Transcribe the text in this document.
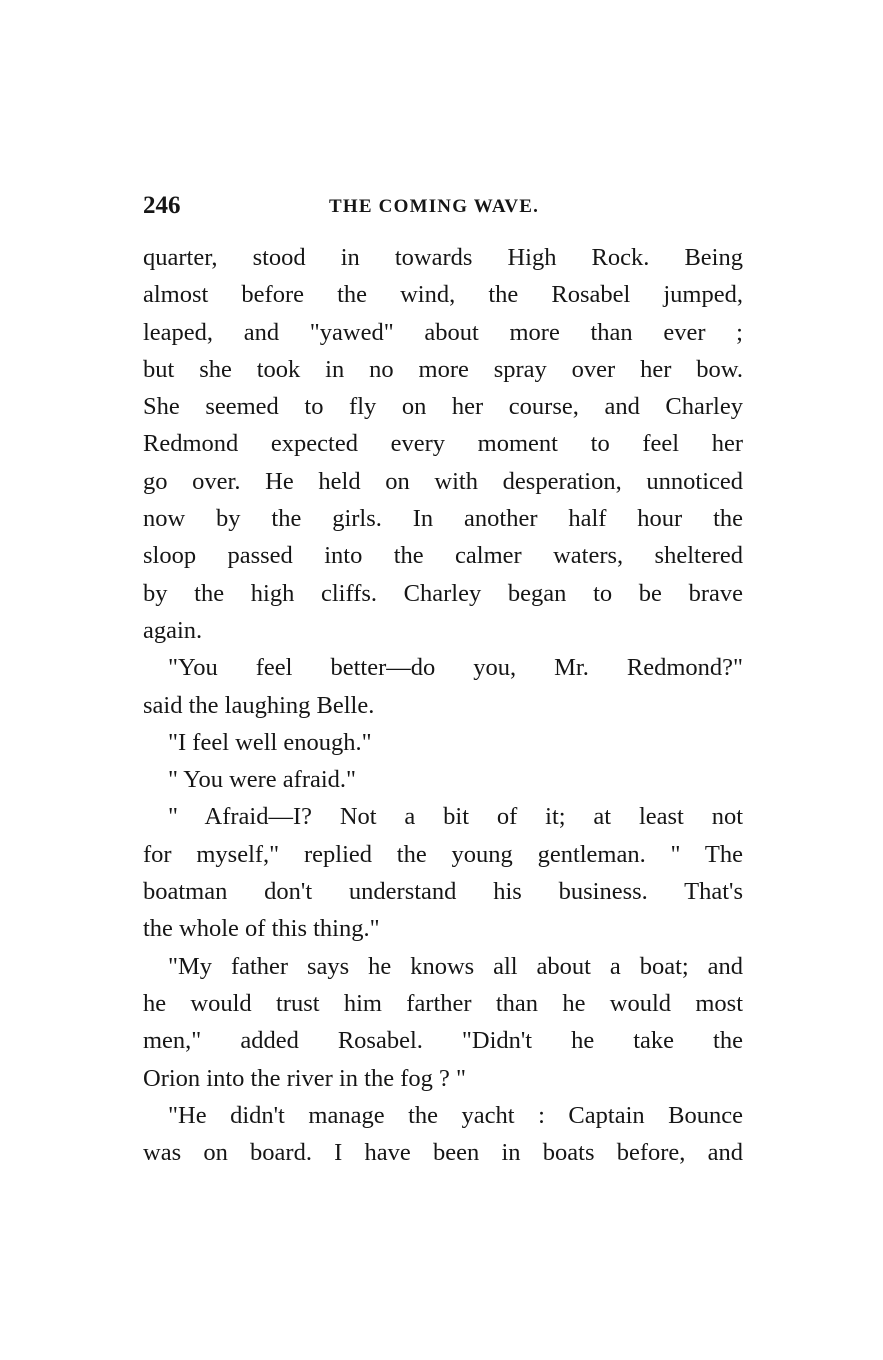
246	THE COMING WAVE.
quarter, stood in towards High Rock. Being
almost before the wind, the Rosabel jumped,
leaped, and "yawed" about more than ever ;
but she took in no more spray over her bow.
She seemed to fly on her course, and Charley
Redmond expected every moment to feel her
go over. He held on with desperation, unnoticed
now by the girls. In another half hour the
sloop passed into the calmer waters, sheltered
by the high cliffs. Charley began to be brave
again.
"You feel better—do you, Mr. Redmond?"
said the laughing Belle.
"I feel well enough."
" You were afraid."
" Afraid—I? Not a bit of it; at least not
for myself," replied the young gentleman. " The
boatman don't understand his business. That's
the whole of this thing."
"My father says he knows all about a boat; and
he would trust him farther than he would most
men," added Rosabel. "Didn't he take the
Orion into the river in the fog ? "
"He didn't manage the yacht : Captain Bounce
was on board. I have been in boats before, and
